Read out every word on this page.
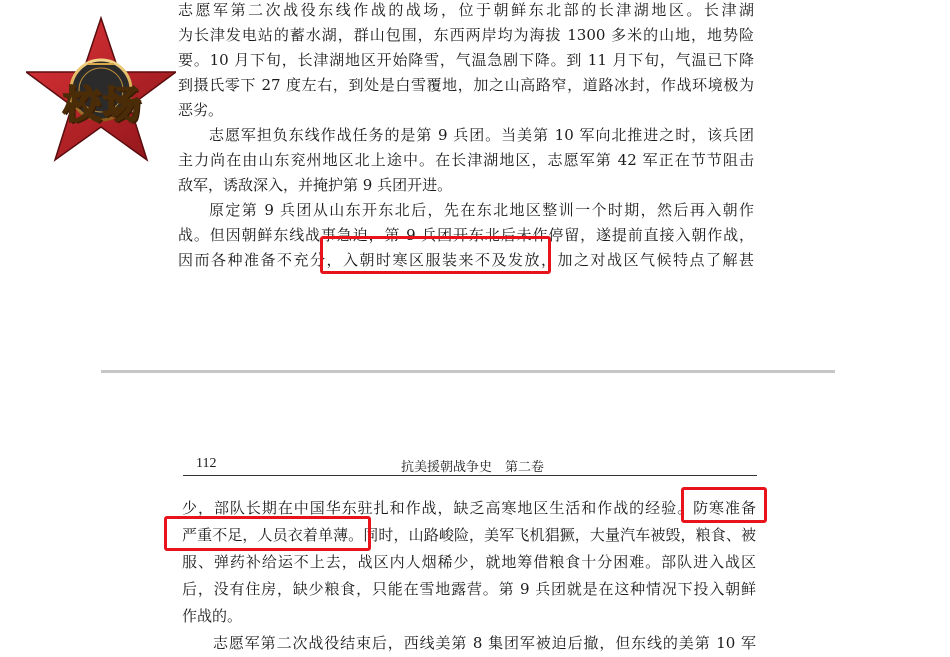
校场

志愿军第二次战役东线作战的战场，位于朝鲜东北部的长津湖地区。长津湖

为长津发电站的蓄水湖，群山包围，东西两岸均为海拔 1300 多米的山地，地势险

要。10 月下旬，长津湖地区开始降雪，气温急剧下降。到 11 月下旬，气温已下降

到摄氏零下 27 度左右，到处是白雪覆地，加之山高路窄，道路冰封，作战环境极为

恶劣。

志愿军担负东线作战任务的是第 9 兵团。当美第 10 军向北推进之时，该兵团

主力尚在由山东兖州地区北上途中。在长津湖地区，志愿军第 42 军正在节节阻击

敌军，诱敌深入，并掩护第 9 兵团开进。

原定第 9 兵团从山东开东北后，先在东北地区整训一个时期，然后再入朝作

战。但因朝鲜东线战事急迫，第 9 兵团开东北后未作停留，遂提前直接入朝作战，

因而各种准备不充分，入朝时寒区服装来不及发放，加之对战区气候特点了解甚

112	抗美援朝战争史　第二卷

少，部队长期在中国华东驻扎和作战，缺乏高寒地区生活和作战的经验。防寒准备

严重不足，人员衣着单薄。同时，山路峻险，美军飞机猖獗，大量汽车被毁，粮食、被

服、弹药补给运不上去，战区内人烟稀少，就地筹借粮食十分困难。部队进入战区

后，没有住房，缺少粮食，只能在雪地露营。第 9 兵团就是在这种情况下投入朝鲜

作战的。

志愿军第二次战役结束后，西线美第 8 集团军被迫后撤，但东线的美第 10 军
